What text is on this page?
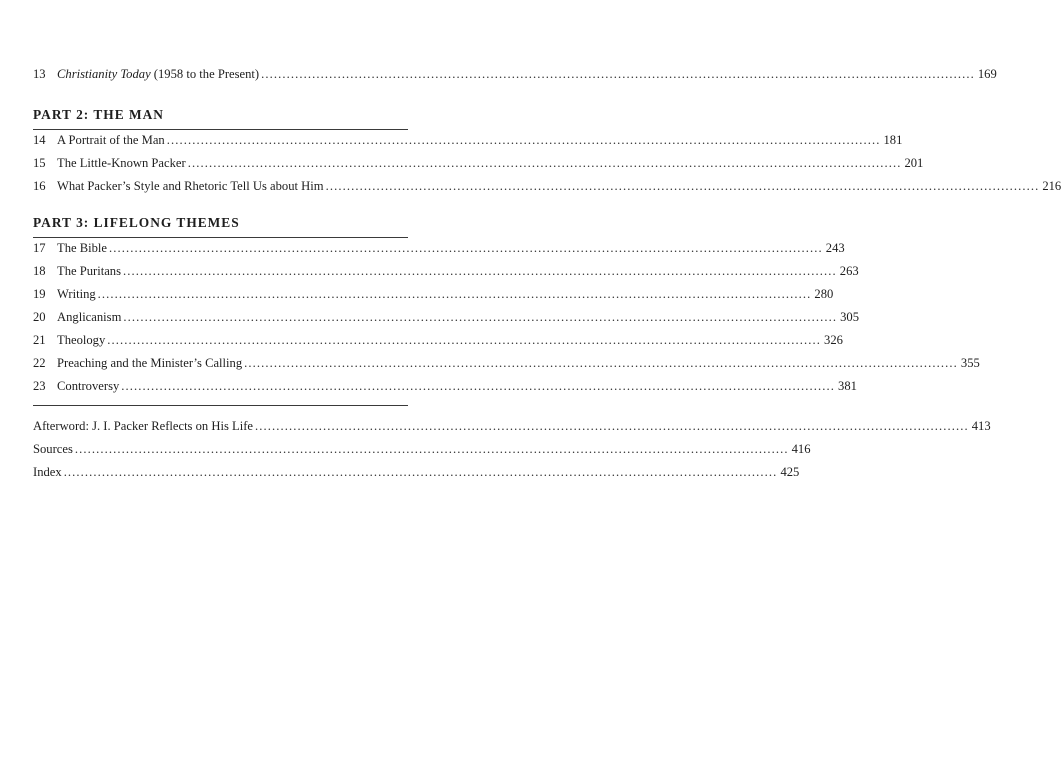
13 Christianity Today (1958 to the Present) ........................................................................................................................................................................ 169
PART 2: THE MAN
14 A Portrait of the Man ........................................................................................................................................................................ 181
15 The Little-Known Packer ........................................................................................................................................................................ 201
16 What Packer’s Style and Rhetoric Tell Us about Him ........................................................................................................................................................................ 216
PART 3: LIFELONG THEMES
17 The Bible ........................................................................................................................................................................ 243
18 The Puritans ........................................................................................................................................................................ 263
19 Writing ........................................................................................................................................................................ 280
20 Anglicanism ........................................................................................................................................................................ 305
21 Theology ........................................................................................................................................................................ 326
22 Preaching and the Minister’s Calling ........................................................................................................................................................................ 355
23 Controversy ........................................................................................................................................................................ 381
Afterword: J. I. Packer Reflects on His Life ........................................................................................................................................................................ 413
Sources ........................................................................................................................................................................ 416
Index ........................................................................................................................................................................ 425
